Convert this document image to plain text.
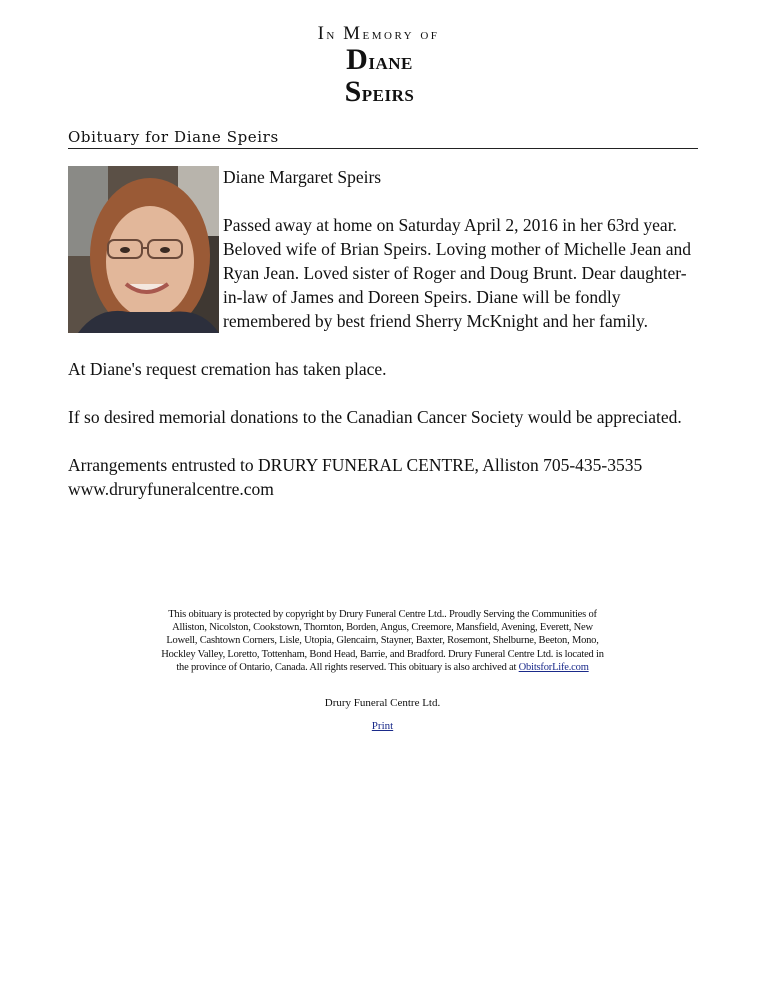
In Memory of
Diane
Speirs
Obituary for Diane Speirs

Diane Margaret Speirs

Passed away at home on Saturday April 2, 2016 in her 63rd year.

Beloved wife of Brian Speirs. Loving mother of Michelle Jean and Ryan Jean. Loved sister of Roger and Doug Brunt. Dear daughter-in-law of James and Doreen Speirs. Diane will be fondly remembered by best friend Sherry McKnight and her family.

At Diane's request cremation has taken place.

If so desired memorial donations to the Canadian Cancer Society would be appreciated.

Arrangements entrusted to DRURY FUNERAL CENTRE, Alliston 705-435-3535

www.druryfuneralcentre.com

This obituary is protected by copyright by Drury Funeral Centre Ltd.. Proudly Serving the Communities of Alliston, Nicolston, Cookstown, Thornton, Borden, Angus, Creemore, Mansfield, Avening, Everett, New Lowell, Cashtown Corners, Lisle, Utopia, Glencairn, Stayner, Baxter, Rosemont, Shelburne, Beeton, Mono, Hockley Valley, Loretto, Tottenham, Bond Head, Barrie, and Bradford. Drury Funeral Centre Ltd. is located in the province of Ontario, Canada. All rights reserved. This obituary is also archived at ObitsforLife.com
Drury Funeral Centre Ltd.
Print
